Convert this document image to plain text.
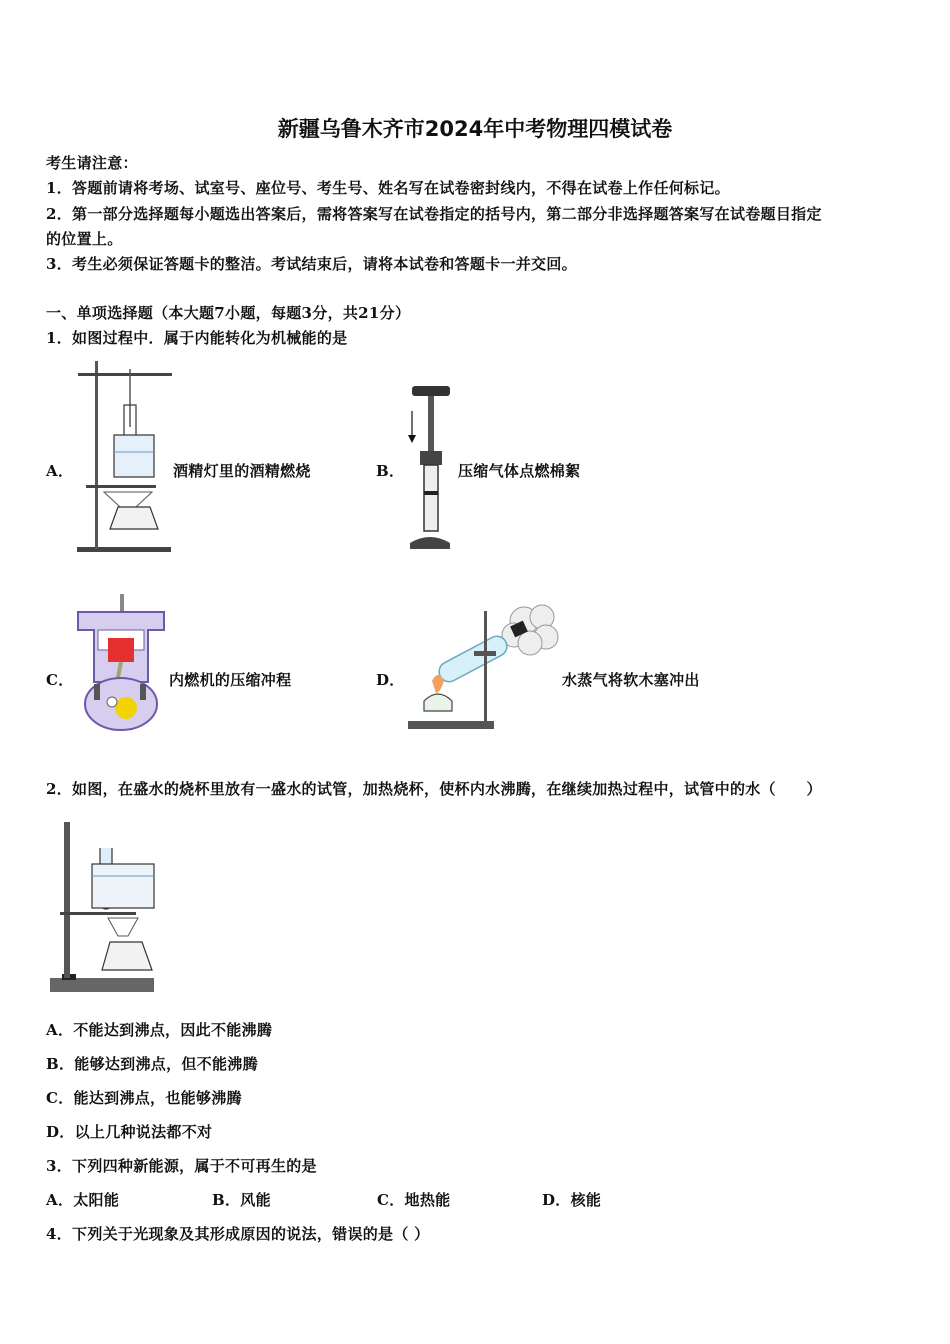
新疆乌鲁木齐市2024年中考物理四模试卷
考生请注意：
1．答题前请将考场、试室号、座位号、考生号、姓名写在试卷密封线内，不得在试卷上作任何标记。
2．第一部分选择题每小题选出答案后，需将答案写在试卷指定的括号内，第二部分非选择题答案写在试卷题目指定
的位置上。
3．考生必须保证答题卡的整洁。考试结束后，请将本试卷和答题卡一并交回。
一、单项选择题（本大题7小题，每题3分，共21分）
1．如图过程中．属于内能转化为机械能的是
A．	酒精灯里的酒精燃烧	B．	压缩气体点燃棉絮
C．	内燃机的压缩冲程	D．	水蒸气将软木塞冲出
2．如图，在盛水的烧杯里放有一盛水的试管，加热烧杯，使杯内水沸腾，在继续加热过程中，试管中的水（　　）
A．不能达到沸点，因此不能沸腾
B．能够达到沸点，但不能沸腾
C．能达到沸点，也能够沸腾
D．以上几种说法都不对
3．下列四种新能源，属于不可再生的是
A．太阳能	B．风能	C．地热能	D．核能
4．下列关于光现象及其形成原因的说法，错误的是（ ）
